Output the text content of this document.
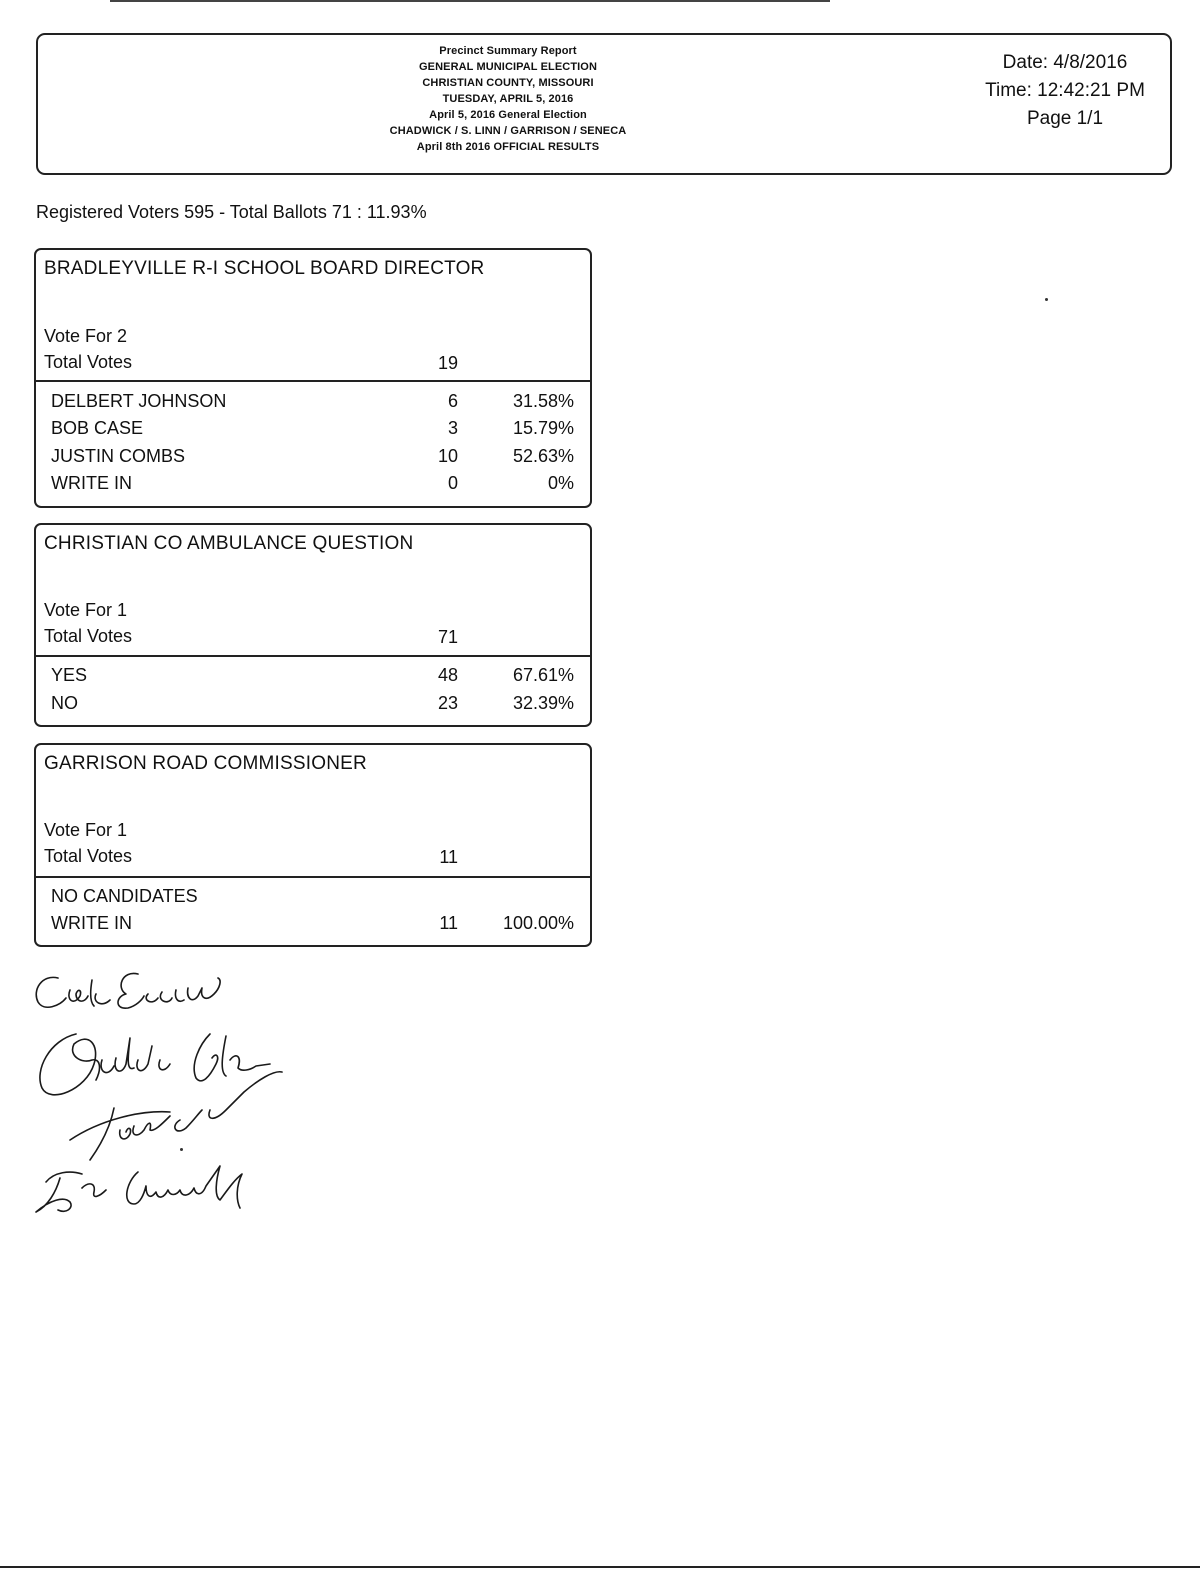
Precinct Summary Report
GENERAL MUNICIPAL ELECTION
CHRISTIAN COUNTY, MISSOURI
TUESDAY, APRIL 5, 2016
April 5, 2016 General Election
CHADWICK / S. LINN / GARRISON / SENECA
April 8th 2016 OFFICIAL RESULTS
Date: 4/8/2016
Time: 12:42:21 PM
Page 1/1
Registered Voters 595 - Total Ballots 71 : 11.93%
BRADLEYVILLE R-I SCHOOL BOARD DIRECTOR
Vote For 2
Total Votes	19
DELBERT JOHNSON	6	31.58%
BOB CASE	3	15.79%
JUSTIN COMBS	10	52.63%
WRITE IN	0	0%
CHRISTIAN CO AMBULANCE QUESTION
Vote For 1
Total Votes	71
YES	48	67.61%
NO	23	32.39%
GARRISON ROAD COMMISSIONER
Vote For 1
Total Votes	11
NO CANDIDATES
WRITE IN	11 100.00%
